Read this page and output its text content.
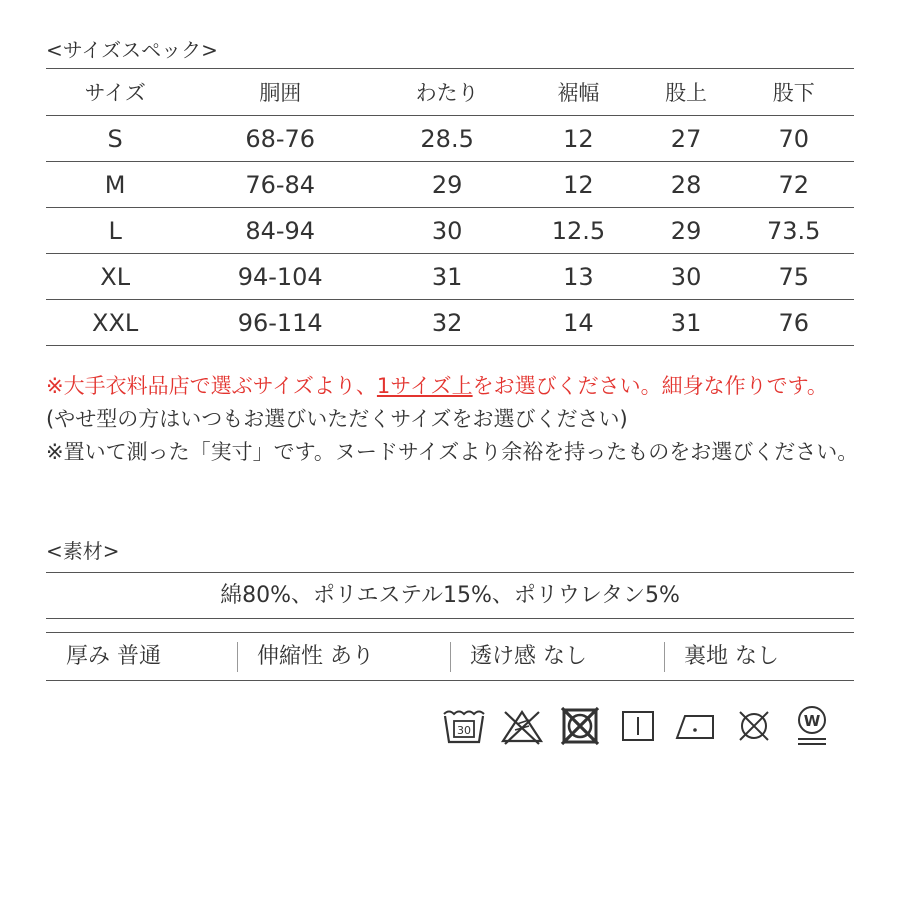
<サイズスペック>
サイズ	胴囲	わたり	裾幅	股上	股下
S	68-76	28.5	12	27	70
M	76-84	29	12	28	72
L	84-94	30	12.5	29	73.5
XL	94-104	31	13	30	75
XXL	96-114	32	14	31	76

※大手衣料品店で選ぶサイズより、1サイズ上をお選びください。細身な作りです。

(やせ型の方はいつもお選びいただくサイズをお選びください)

※置いて測った「実寸」です。ヌードサイズより余裕を持ったものをお選びください。

<素材>
綿80%、ポリエステル15%、ポリウレタン5%
厚み 普通	伸縮性 あり	透け感 なし	裏地 なし
30
W
